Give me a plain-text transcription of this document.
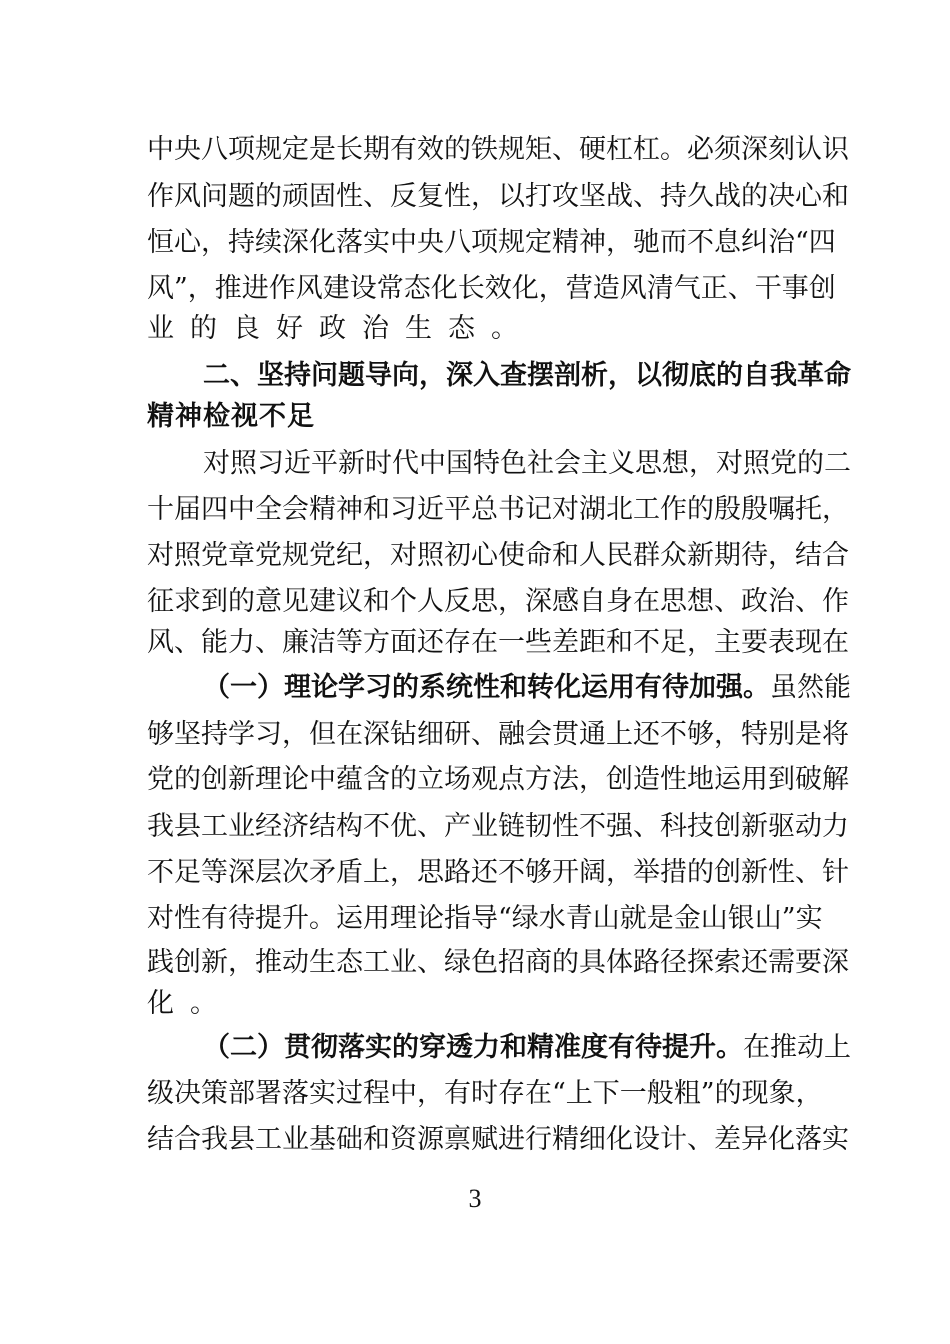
中央八项规定是长期有效的铁规矩、硬杠杠。必须深刻认识
作风问题的顽固性、反复性，以打攻坚战、持久战的决心和
恒心，持续深化落实中央八项规定精神，驰而不息纠治“四
风”，推进作风建设常态化长效化，营造风清气正、干事创
业的良好政治生态。
二、坚持问题导向，深入查摆剖析，以彻底的自我革命
精神检视不足
对照习近平新时代中国特色社会主义思想，对照党的二
十届四中全会精神和习近平总书记对湖北工作的殷殷嘱托，
对照党章党规党纪，对照初心使命和人民群众新期待，结合
征求到的意见建议和个人反思，深感自身在思想、政治、作
风、能力、廉洁等方面还存在一些差距和不足，主要表现在
（一）理论学习的系统性和转化运用有待加强。虽然能
够坚持学习，但在深钻细研、融会贯通上还不够，特别是将
党的创新理论中蕴含的立场观点方法，创造性地运用到破解
我县工业经济结构不优、产业链韧性不强、科技创新驱动力
不足等深层次矛盾上，思路还不够开阔，举措的创新性、针
对性有待提升。运用理论指导“绿水青山就是金山银山”实
践创新，推动生态工业、绿色招商的具体路径探索还需要深
化。
（二）贯彻落实的穿透力和精准度有待提升。在推动上
级决策部署落实过程中，有时存在“上下一般粗”的现象，
结合我县工业基础和资源禀赋进行精细化设计、差异化落实
3
